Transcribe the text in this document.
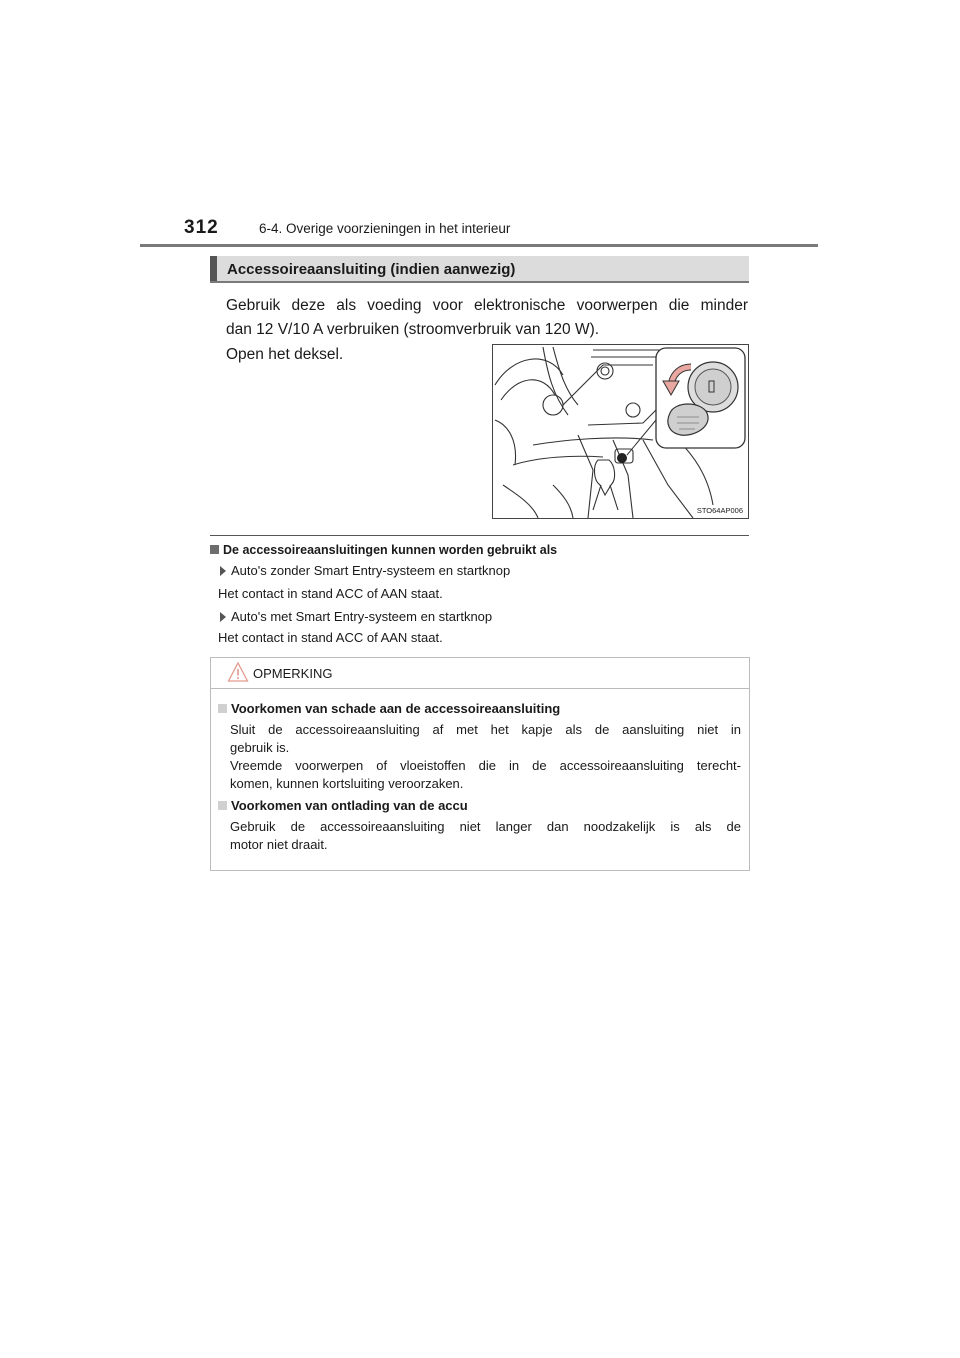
312	6-4. Overige voorzieningen in het interieur
Accessoireaansluiting (indien aanwezig)
Gebruik deze als voeding voor elektronische voorwerpen die minder
dan 12 V/10 A verbruiken (stroomverbruik van 120 W).
Open het deksel.
STO64AP006
De accessoireaansluitingen kunnen worden gebruikt als
Auto's zonder Smart Entry-systeem en startknop
Het contact in stand ACC of AAN staat.
Auto's met Smart Entry-systeem en startknop
Het contact in stand ACC of AAN staat.
OPMERKING
Voorkomen van schade aan de accessoireaansluiting
Sluit de accessoireaansluiting af met het kapje als de aansluiting niet in
gebruik is.
Vreemde voorwerpen of vloeistoffen die in de accessoireaansluiting terecht-
komen, kunnen kortsluiting veroorzaken.
Voorkomen van ontlading van de accu
Gebruik de accessoireaansluiting niet langer dan noodzakelijk is als de
motor niet draait.
